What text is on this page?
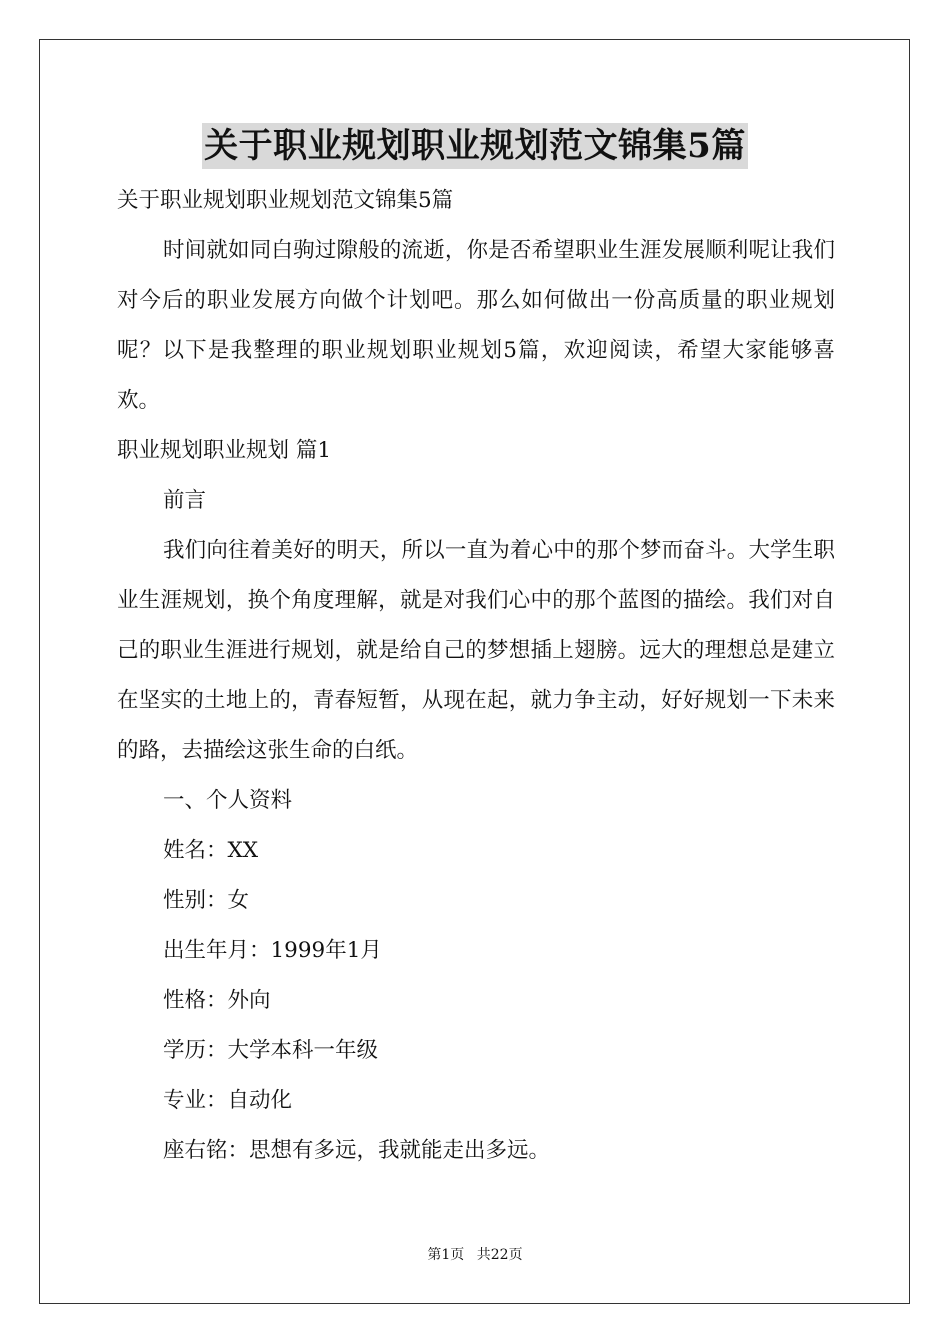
关于职业规划职业规划范文锦集5篇

关于职业规划职业规划范文锦集5篇

时间就如同白驹过隙般的流逝，你是否希望职业生涯发展顺利呢让我们对今后的职业发展方向做个计划吧。那么如何做出一份高质量的职业规划呢？以下是我整理的职业规划职业规划5篇，欢迎阅读，希望大家能够喜欢。

职业规划职业规划 篇1

前言

我们向往着美好的明天，所以一直为着心中的那个梦而奋斗。大学生职业生涯规划，换个角度理解，就是对我们心中的那个蓝图的描绘。我们对自己的职业生涯进行规划，就是给自己的梦想插上翅膀。远大的理想总是建立在坚实的土地上的，青春短暂，从现在起，就力争主动，好好规划一下未来的路，去描绘这张生命的白纸。

一、个人资料

姓名：XX

性别：女

出生年月：1999年1月

性格：外向

学历：大学本科一年级

专业：自动化

座右铭：思想有多远，我就能走出多远。

第1页 共22页
